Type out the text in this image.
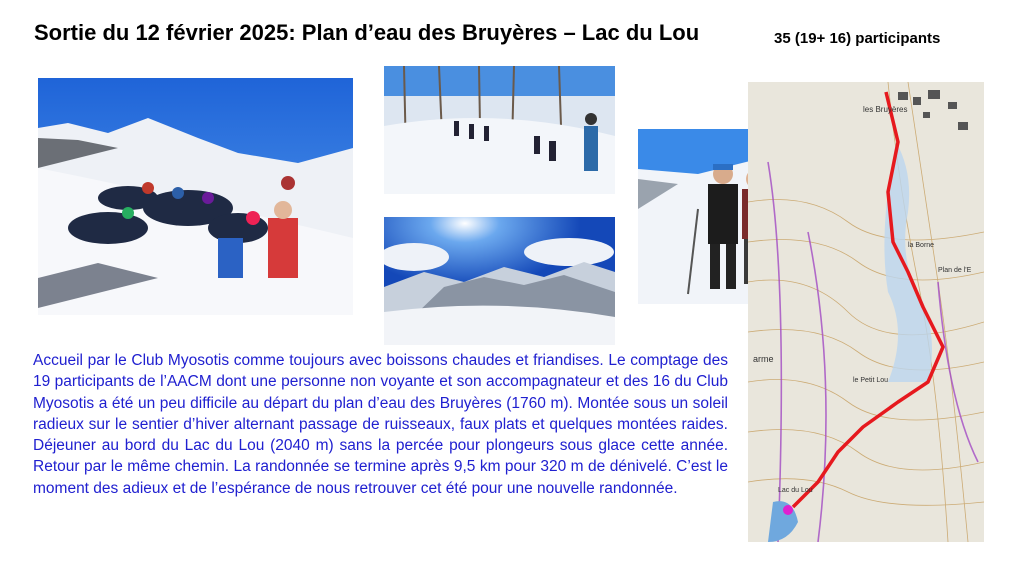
Sortie du 12 février 2025: Plan d’eau des Bruyères – Lac du Lou	35 (19+ 16) participants
les Bruyères
Plan de l'E
la Borne
le Petit Lou
Lac du Lou
arme

Accueil par le Club Myosotis comme toujours avec boissons chaudes et friandises. Le comptage des 19 participants de l’AACM dont une personne non voyante et son accompagnateur et des 16 du Club Myosotis a été un peu difficile au départ du plan d’eau des Bruyères (1760 m). Montée sous un soleil radieux sur le sentier d’hiver alternant passage de ruisseaux, faux plats et quelques montées raides. Déjeuner au bord du Lac du Lou (2040 m) sans la percée pour plongeurs sous glace cette année. Retour par le même chemin. La randonnée se termine après 9,5 km pour 320 m de dénivelé. C’est le moment des adieux et de l’espérance de nous retrouver cet été pour une nouvelle randonnée.
